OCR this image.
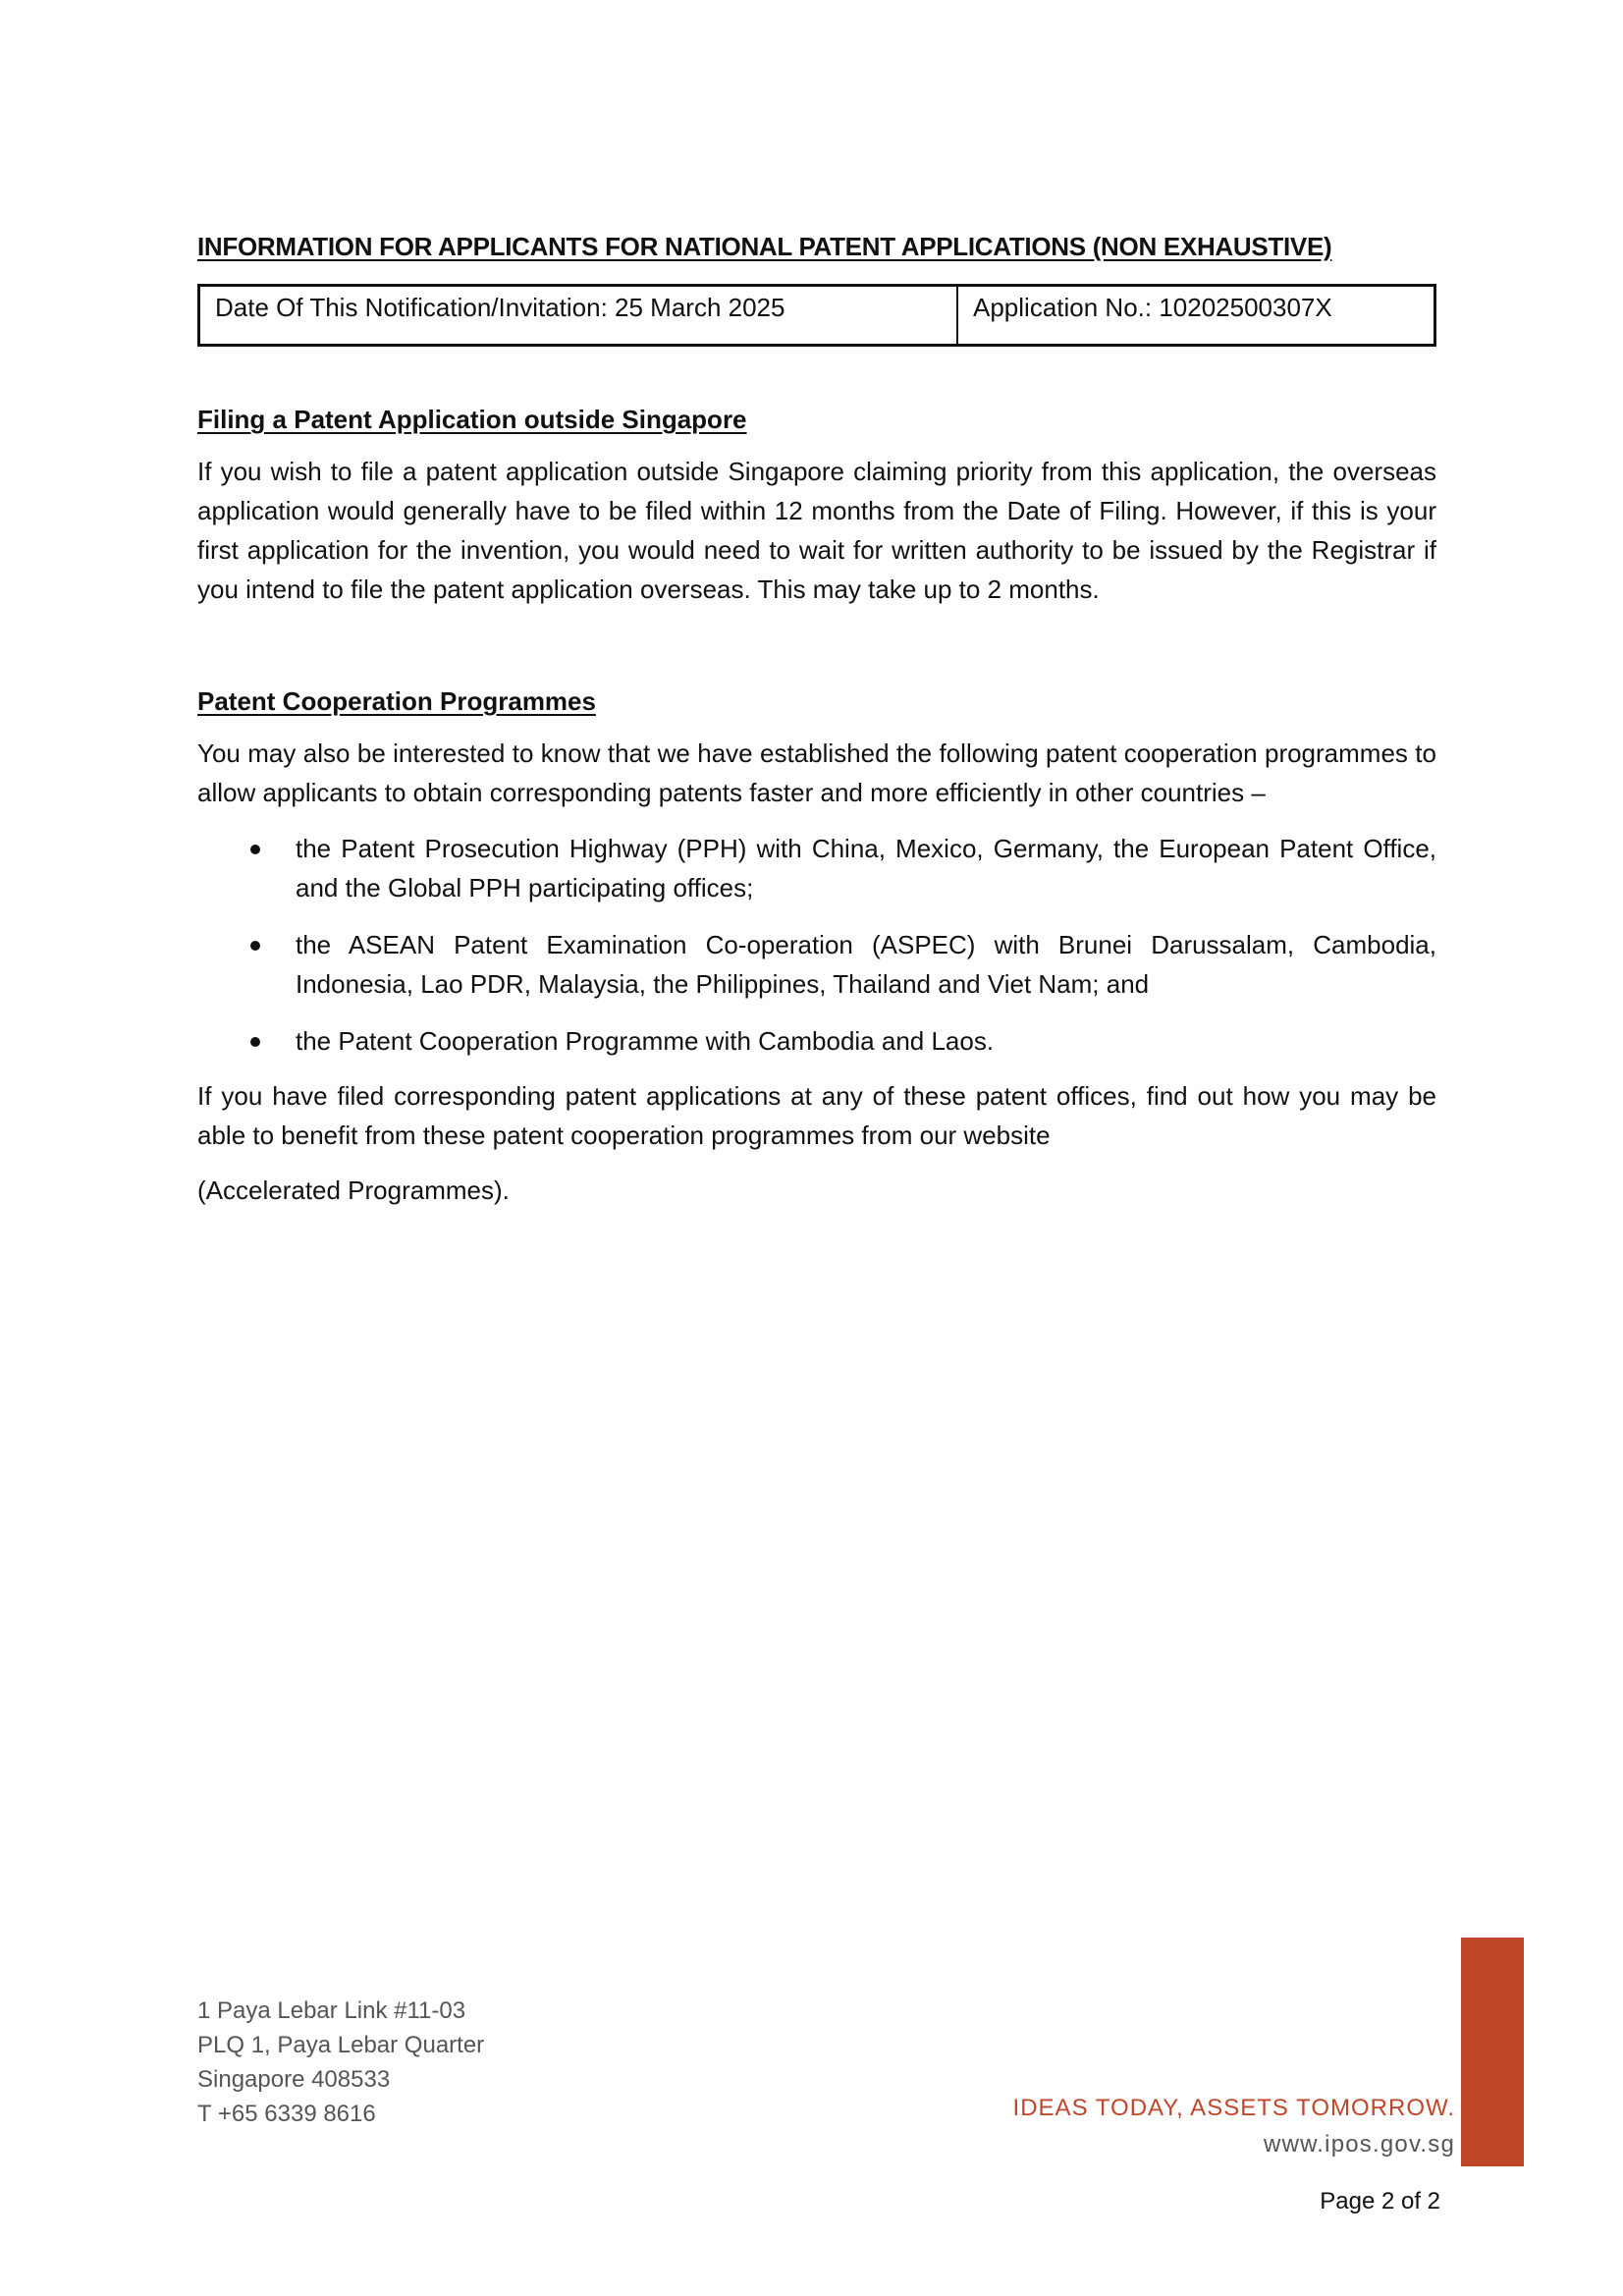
INFORMATION FOR APPLICANTS FOR NATIONAL PATENT APPLICATIONS (NON EXHAUSTIVE)
Date Of This Notification/Invitation: 25 March 2025	Application No.: 10202500307X
Filing a Patent Application outside Singapore

If you wish to file a patent application outside Singapore claiming priority from this application, the overseas application would generally have to be filed within 12 months from the Date of Filing. However, if this is your first application for the invention, you would need to wait for written authority to be issued by the Registrar if you intend to file the patent application overseas. This may take up to 2 months.

Patent Cooperation Programmes

You may also be interested to know that we have established the following patent cooperation programmes to allow applicants to obtain corresponding patents faster and more efficiently in other countries –

the Patent Prosecution Highway (PPH) with China, Mexico, Germany, the European Patent Office, and the Global PPH participating offices;
the ASEAN Patent Examination Co-operation (ASPEC) with Brunei Darussalam, Cambodia, Indonesia, Lao PDR, Malaysia, the Philippines, Thailand and Viet Nam; and
the Patent Cooperation Programme with Cambodia and Laos.

If you have filed corresponding patent applications at any of these patent offices, find out how you may be able to benefit from these patent cooperation programmes from our website

(Accelerated Programmes).

1 Paya Lebar Link #11-03
PLQ 1, Paya Lebar Quarter
Singapore 408533
T +65 6339 8616	IDEAS TODAY, ASSETS TOMORROW.
www.ipos.gov.sg
Page 2 of 2
